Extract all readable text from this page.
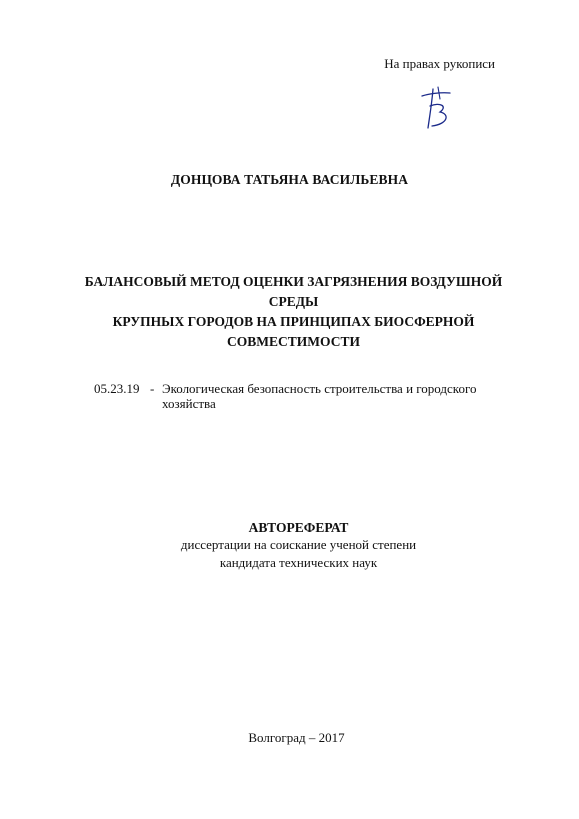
На правах рукописи
ДОНЦОВА ТАТЬЯНА ВАСИЛЬЕВНА
БАЛАНСОВЫЙ МЕТОД ОЦЕНКИ ЗАГРЯЗНЕНИЯ ВОЗДУШНОЙ СРЕДЫ
КРУПНЫХ ГОРОДОВ НА ПРИНЦИПАХ БИОСФЕРНОЙ
СОВМЕСТИМОСТИ
05.23.19 - Экологическая безопасность строительства и городского
хозяйства
АВТОРЕФЕРАТ
диссертации на соискание ученой степени
кандидата технических наук
Волгоград – 2017
